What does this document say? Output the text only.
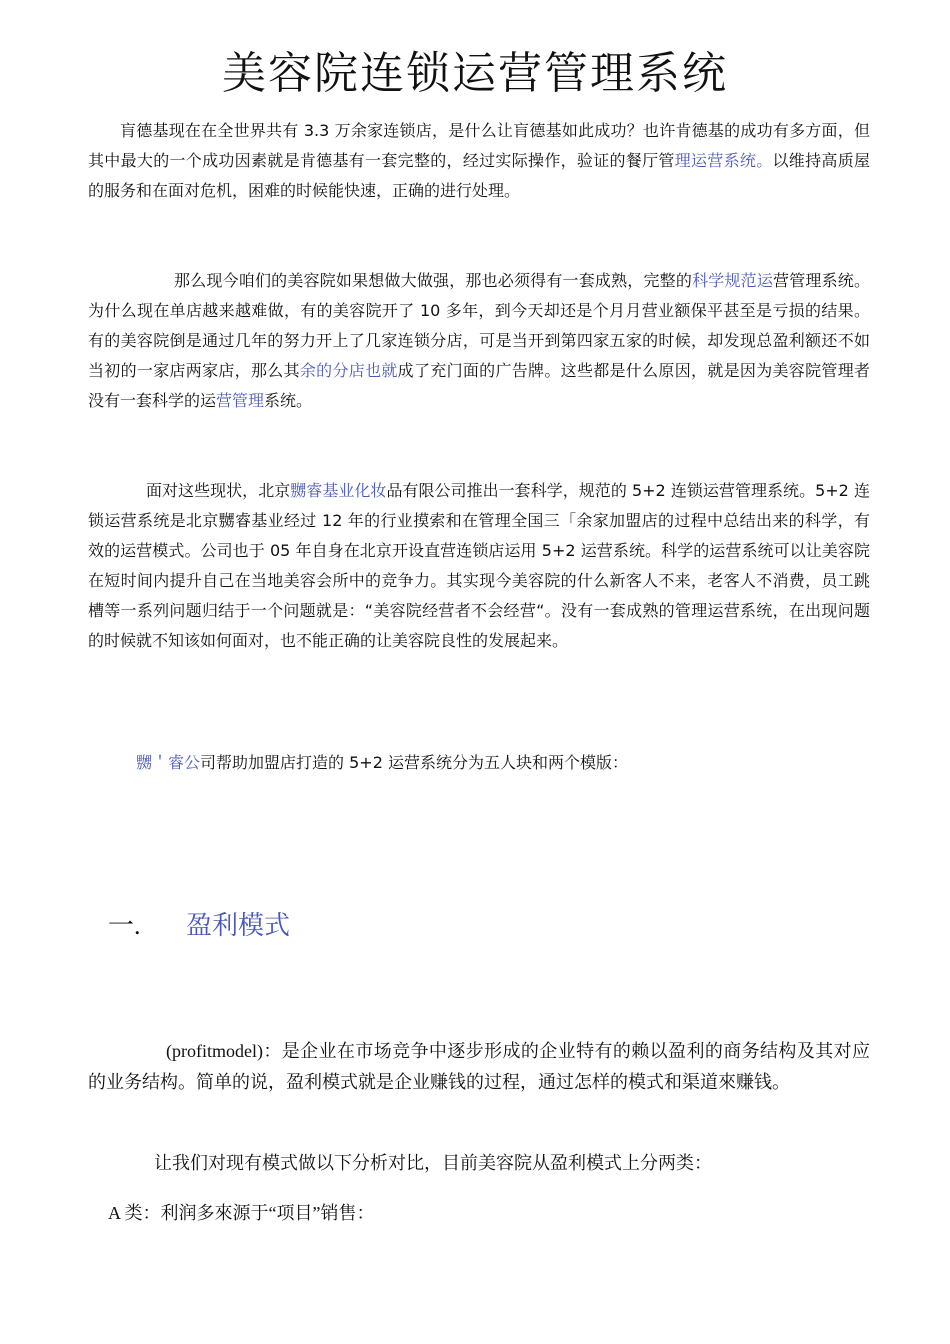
美容院连锁运营管理系统

肓德基现在在全世界共有 3.3 万余家连锁店，是什么让肓德基如此成功？也许肯德基的成功有多方面，但其中最大的一个成功因素就是肯德基有一套完整的，经过实际操作，验证的餐厅管理运营系统。以维持高质屋的服务和在面对危机，困难的时候能快速，正确的进行处理。

那么现今咱们的美容院如果想做大做强，那也必须得有一套成熟，完整的科学规范运营管理系统。为什么现在单店越来越难做，有的美容院开了 10 多年，到今天却还是个月月营业额保平甚至是亏损的结果。有的美容院倒是通过几年的努力开上了几家连锁分店，可是当开到第四家五家的时候，却发现总盈利额还不如当初的一家店两家店，那么其余的分店也就成了充门面的广告牌。这些都是什么原因，就是因为美容院管理者没有一套科学的运营管理系统。

面对这些现状，北京嬲睿基业化妆品有限公司推出一套科学，规范的 5+2 连锁运营管理系统。5+2 连锁运营系统是北京嬲睿基业经过 12 年的行业摸索和在管理全国三「余家加盟店的过程中总结出来的科学，有效的运营模式。公司也于 05 年自身在北京开设直营连锁店运用 5+2 运营系统。科学的运营系统可以让美容院在短时间内提升自己在当地美容会所中的竞争力。其实现今美容院的什么新客人不来，老客人不消费，员工跳槽等一系列问题归结于一个问题就是：“美容院经营者不会经营“。没有一套成熟的管理运营系统，在出现问题的时候就不知该如何面对，也不能正确的让美容院良性的发展起来。

嬲＇睿公司帮助加盟店打造的 5+2 运营系统分为五人块和两个模版：

一. 盈利模式

(profitmodel)：是企业在市场竞争中逐步形成的企业特有的赖以盈利的商务结构及其对应的业务结构。简单的说，盈利模式就是企业赚钱的过程，通过怎样的模式和渠道來赚钱。

让我们对现有模式做以下分析对比，目前美容院从盈利模式上分两类：

A 类：利润多來源于“项目”销售：
